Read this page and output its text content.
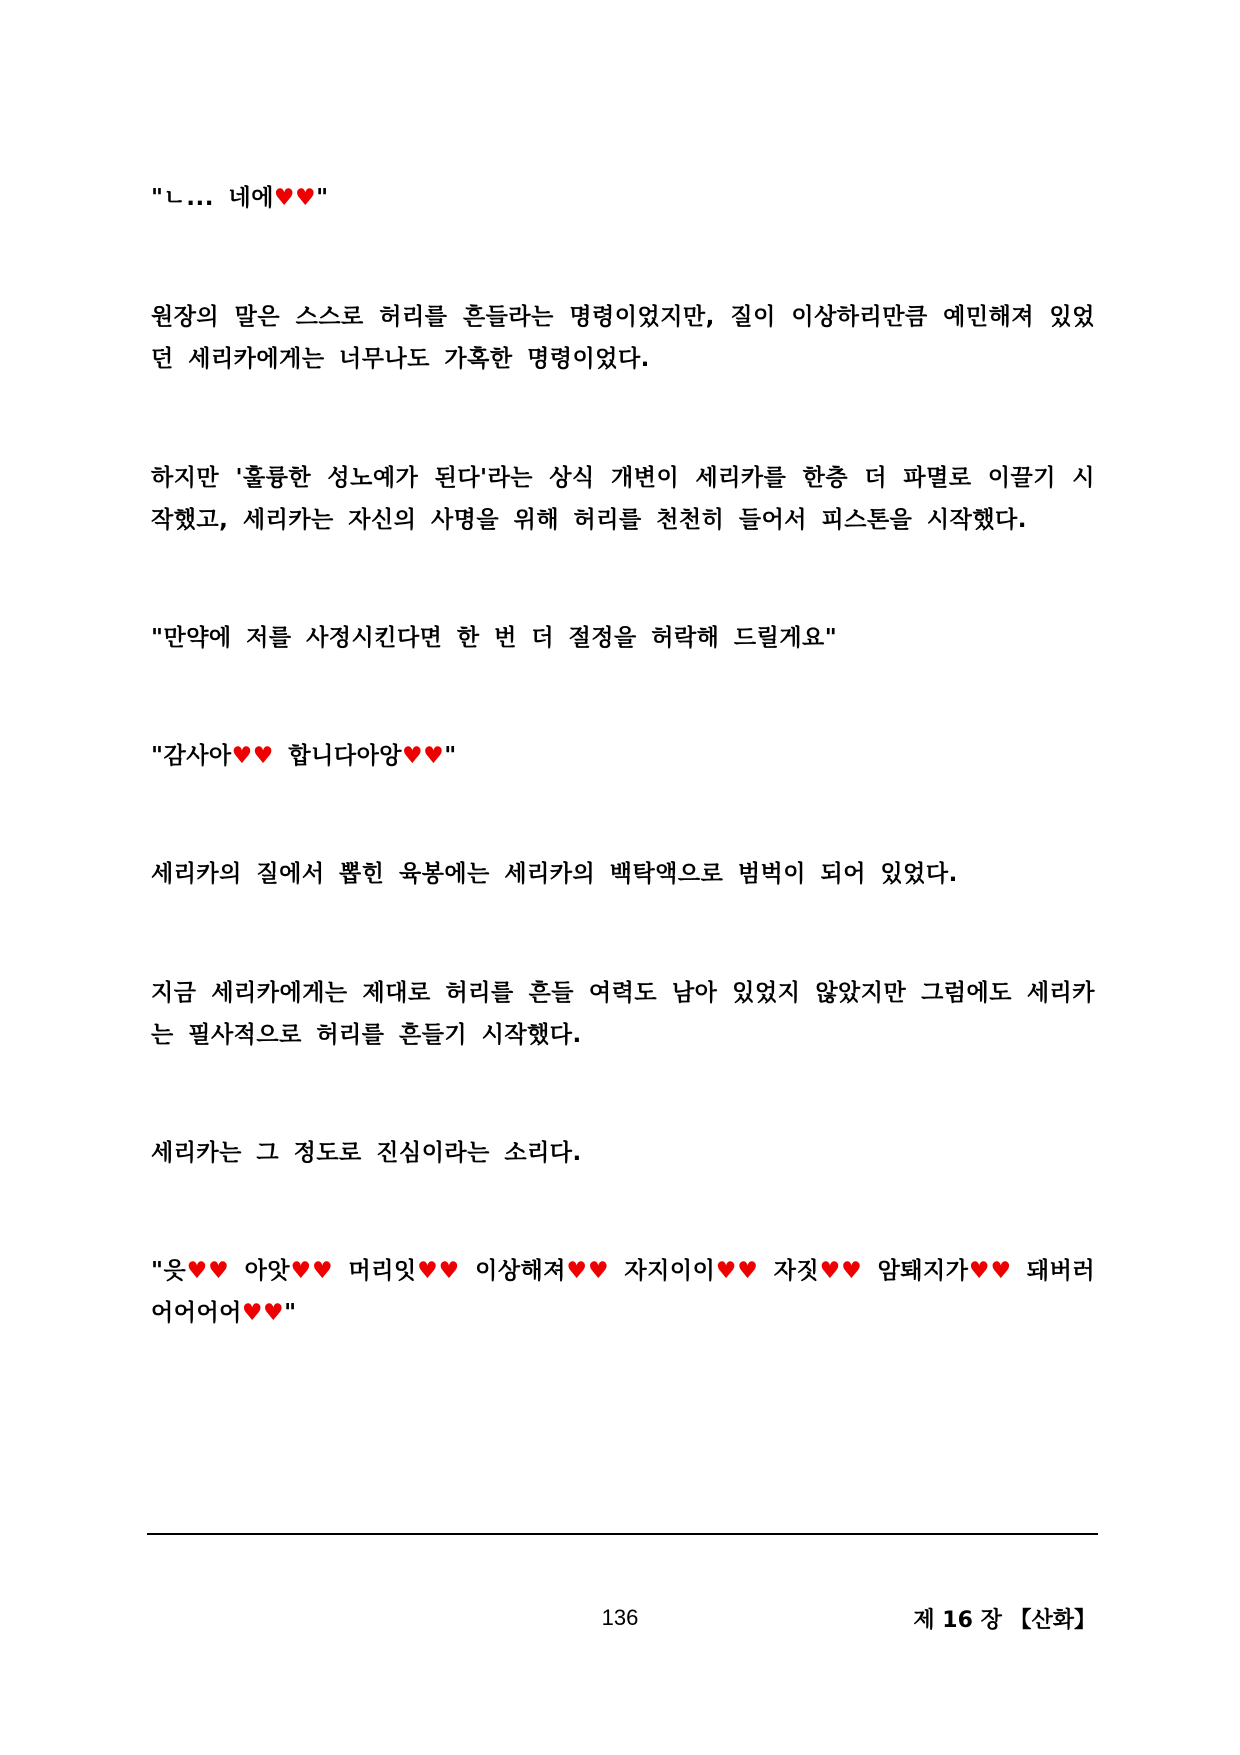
"ㄴ... 네에♥♥"

원장의 말은 스스로 허리를 흔들라는 명령이었지만, 질이 이상하리만큼 예민해져 있었던 세리카에게는 너무나도 가혹한 명령이었다.

하지만 '훌륭한 성노예가 된다'라는 상식 개변이 세리카를 한층 더 파멸로 이끌기 시작했고, 세리카는 자신의 사명을 위해 허리를 천천히 들어서 피스톤을 시작했다.

"만약에 저를 사정시킨다면 한 번 더 절정을 허락해 드릴게요"

"감사아♥♥ 합니다아앙♥♥"

세리카의 질에서 뽑힌 육봉에는 세리카의 백탁액으로 범벅이 되어 있었다.

지금 세리카에게는 제대로 허리를 흔들 여력도 남아 있었지 않았지만 그럼에도 세리카는 필사적으로 허리를 흔들기 시작했다.

세리카는 그 정도로 진심이라는 소리다.

"읏♥♥ 아앗♥♥ 머리잇♥♥ 이상해져♥♥ 자지이이♥♥ 자짓♥♥ 암퇘지가♥♥ 돼버러어어어어♥♥"

136	제 16 장 【산화】
